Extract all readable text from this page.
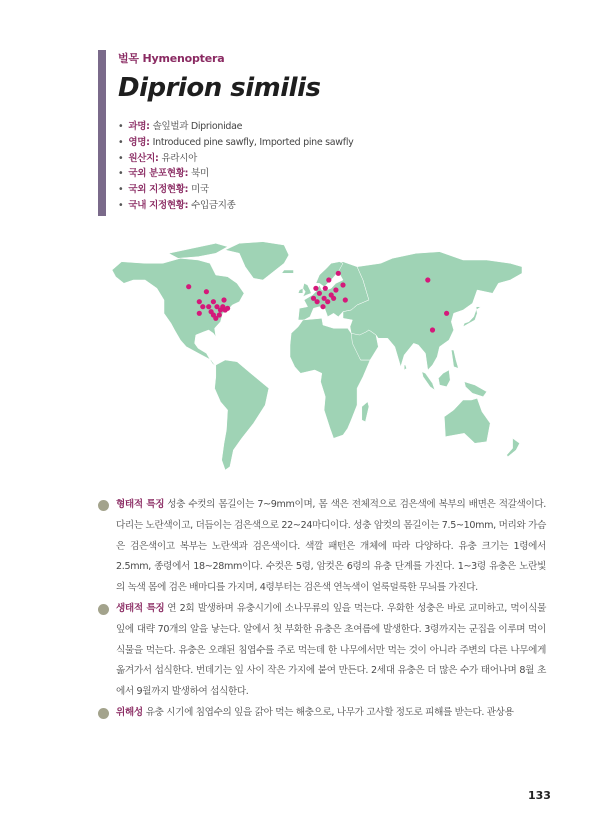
벌목 Hymenoptera
Diprion similis
• 과명: 솔잎벌과 Diprionidae
• 영명: Introduced pine sawfly, Imported pine sawfly
• 원산지: 유라시아
• 국외 분포현황: 북미
• 국외 지정현황: 미국
• 국내 지정현황: 수입금지종

형태적 특징 성충 수컷의 몸길이는 7~9mm이며, 몸 색은 전체적으로 검은색에 복부의 배면은 적갈색이다. 다리는 노란색이고, 더듬이는 검은색으로 22~24마디이다. 성충 암컷의 몸길이는 7.5~10mm, 머리와 가슴은 검은색이고 복부는 노란색과 검은색이다. 색깔 패턴은 개체에 따라 다양하다. 유충 크기는 1령에서 2.5mm, 종령에서 18~28mm이다. 수컷은 5령, 암컷은 6령의 유충 단계를 가진다. 1~3령 유충은 노란빛의 녹색 몸에 검은 배마디를 가지며, 4령부터는 검은색 연녹색이 얼룩덜룩한 무늬를 가진다.

생태적 특징 연 2회 발생하며 유충시기에 소나무류의 잎을 먹는다. 우화한 성충은 바로 교미하고, 먹이식물 잎에 대략 70개의 알을 낳는다. 알에서 첫 부화한 유충은 초여름에 발생한다. 3령까지는 군집을 이루며 먹이식물을 먹는다. 유충은 오래된 침엽수를 주로 먹는데 한 나무에서만 먹는 것이 아니라 주변의 다른 나무에게 옮겨가서 섭식한다. 번데기는 잎 사이 작은 가지에 붙여 만든다. 2세대 유충은 더 많은 수가 태어나며 8월 초에서 9월까지 발생하여 섭식한다.

위해성 유충 시기에 침엽수의 잎을 갉아 먹는 해충으로, 나무가 고사할 정도로 피해를 받는다. 관상용

133
